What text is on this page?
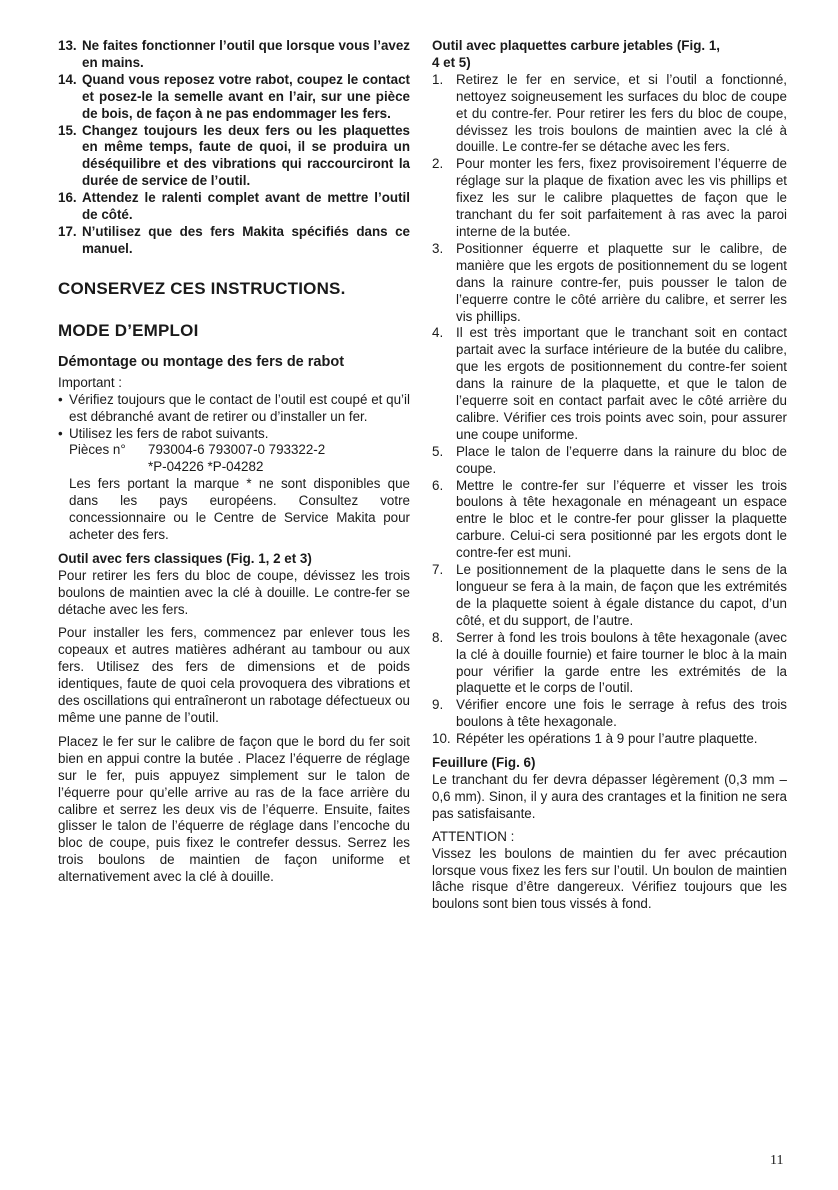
13. Ne faites fonctionner l’outil que lorsque vous l’avez en mains.
14. Quand vous reposez votre rabot, coupez le contact et posez-le la semelle avant en l’air, sur une pièce de bois, de façon à ne pas endommager les fers.
15. Changez toujours les deux fers ou les plaquettes en même temps, faute de quoi, il se produira un déséquilibre et des vibrations qui raccourciront la durée de service de l’outil.
16. Attendez le ralenti complet avant de mettre l’outil de côté.
17. N’utilisez que des fers Makita spécifiés dans ce manuel.
CONSERVEZ CES INSTRUCTIONS.
MODE D’EMPLOI
Démontage ou montage des fers de rabot

Important :

• Vérifiez toujours que le contact de l’outil est coupé et qu’il est débranché avant de retirer ou d’installer un fer.
• Utilisez les fers de rabot suivants.
Pièces n°	793004-6 793007-0 793322-2
*P-04226 *P-04282

Les fers portant la marque * ne sont disponibles que dans les pays européens. Consultez votre concessionnaire ou le Centre de Service Makita pour acheter des fers.

Outil avec fers classiques (Fig. 1, 2 et 3)

Pour retirer les fers du bloc de coupe, dévissez les trois boulons de maintien avec la clé à douille. Le contre-fer se détache avec les fers.

Pour installer les fers, commencez par enlever tous les copeaux et autres matières adhérant au tambour ou aux fers. Utilisez des fers de dimensions et de poids identiques, faute de quoi cela provoquera des vibrations et des oscillations qui entraîneront un rabotage défectueux ou même une panne de l’outil.

Placez le fer sur le calibre de façon que le bord du fer soit bien en appui contre la butée . Placez l’équerre de réglage sur le fer, puis appuyez simplement sur le talon de l’équerre pour qu’elle arrive au ras de la face arrière du calibre et serrez les deux vis de l’équerre. Ensuite, faites glisser le talon de l’équerre de réglage dans l’encoche du bloc de coupe, puis fixez le contrefer dessus. Serrez les trois boulons de maintien de façon uniforme et alternativement avec la clé à douille.

Outil avec plaquettes carbure jetables (Fig. 1, 4 et 5)
1. Retirez le fer en service, et si l’outil a fonctionné, nettoyez soigneusement les surfaces du bloc de coupe et du contre-fer. Pour retirer les fers du bloc de coupe, dévissez les trois boulons de maintien avec la clé à douille. Le contre-fer se détache avec les fers.
2. Pour monter les fers, fixez provisoirement l’équerre de réglage sur la plaque de fixation avec les vis phillips et fixez les sur le calibre plaquettes de façon que le tranchant du fer soit parfaitement à ras avec la paroi interne de la butée.
3. Positionner équerre et plaquette sur le calibre, de manière que les ergots de positionnement du se logent dans la rainure contre-fer, puis pousser le talon de l’equerre contre le côté arrière du calibre, et serrer les vis phillips.
4. Il est très important que le tranchant soit en contact partait avec la surface intérieure de la butée du calibre, que les ergots de positionnement du contre-fer soient dans la rainure de la plaquette, et que le talon de l’equerre soit en contact parfait avec le côté arrière du calibre. Vérifier ces trois points avec soin, pour assurer une coupe uniforme.
5. Place le talon de l’equerre dans la rainure du bloc de coupe.
6. Mettre le contre-fer sur l’équerre et visser les trois boulons à tête hexagonale en ménageant un espace entre le bloc et le contre-fer pour glisser la plaquette carbure. Celui-ci sera positionné par les ergots dont le contre-fer est muni.
7. Le positionnement de la plaquette dans le sens de la longueur se fera à la main, de façon que les extrémités de la plaquette soient à égale distance du capot, d’un côté, et du support, de l’autre.
8. Serrer à fond les trois boulons à tête hexagonale (avec la clé à douille fournie) et faire tourner le bloc à la main pour vérifier la garde entre les extrémités de la plaquette et le corps de l’outil.
9. Vérifier encore une fois le serrage à refus des trois boulons à tête hexagonale.
10. Répéter les opérations 1 à 9 pour l’autre plaquette.
Feuillure (Fig. 6)

Le tranchant du fer devra dépasser légèrement (0,3 mm – 0,6 mm). Sinon, il y aura des crantages et la finition ne sera pas satisfaisante.

ATTENTION :

Vissez les boulons de maintien du fer avec précaution lorsque vous fixez les fers sur l’outil. Un boulon de maintien lâche risque d’être dangereux. Vérifiez toujours que les boulons sont bien tous vissés à fond.

11
